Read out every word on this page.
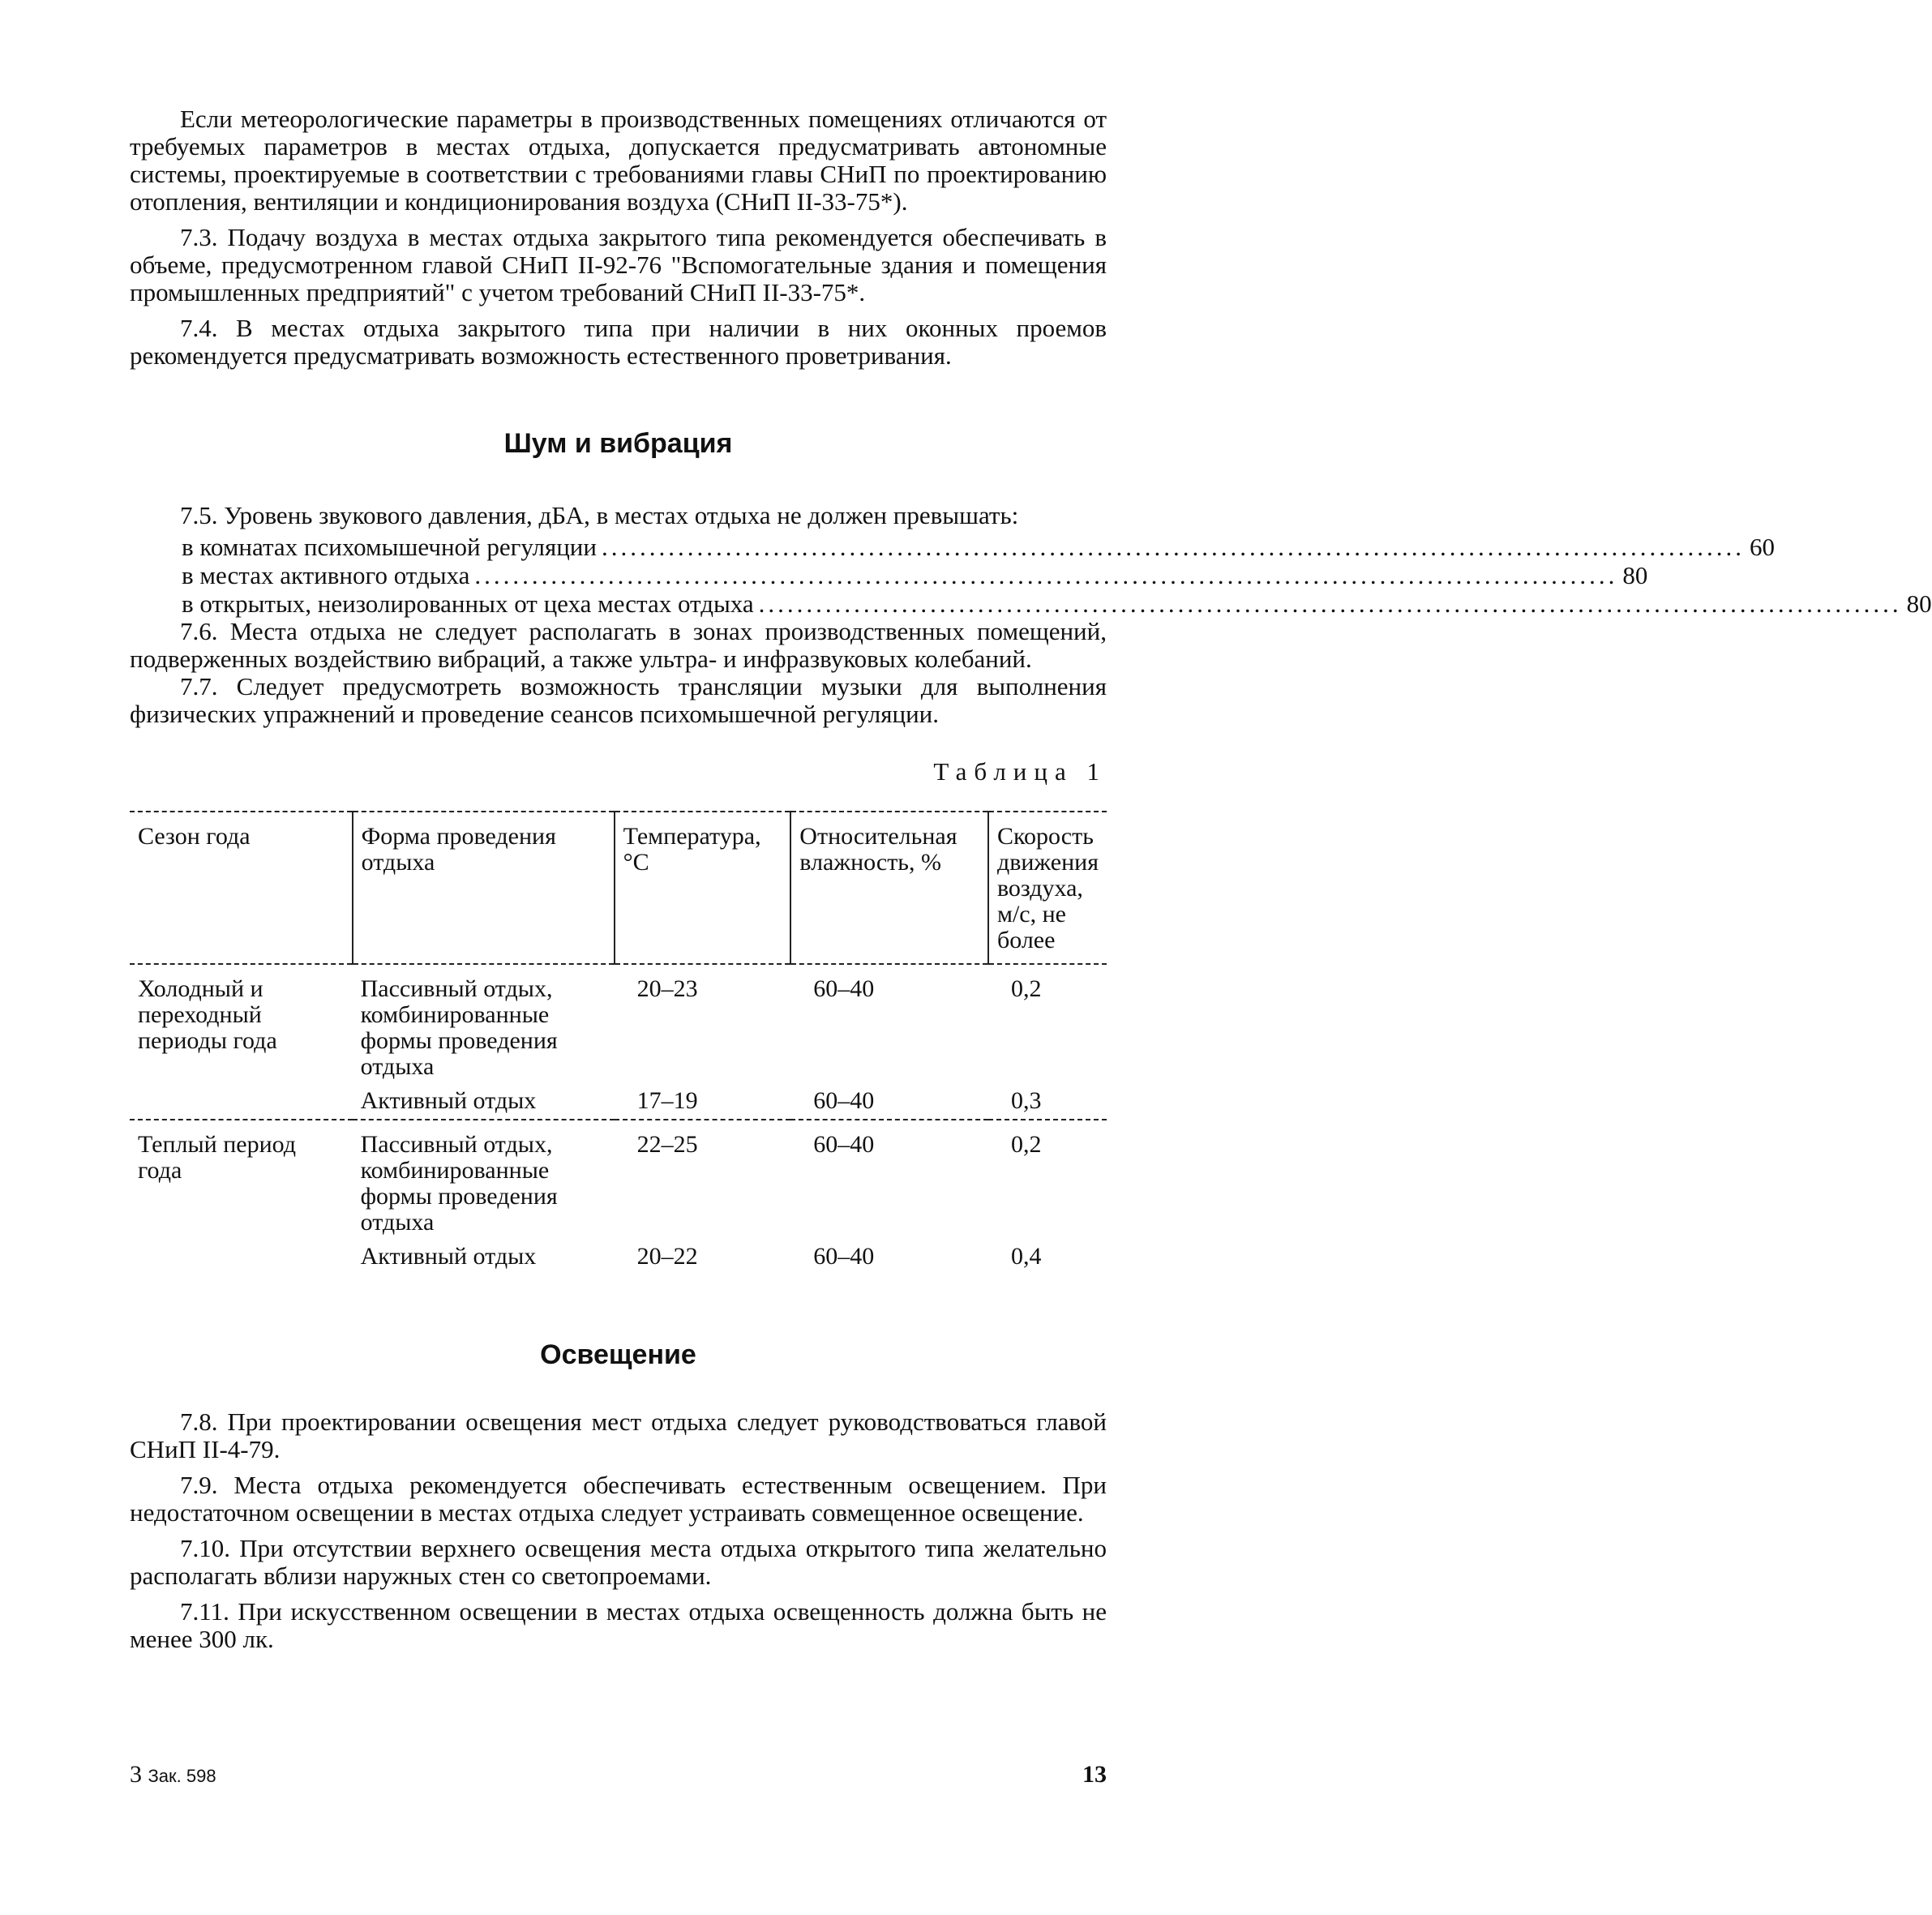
Если метеорологические параметры в производственных помещениях отличаются от требуемых параметров в местах отдыха, допускается предусматривать автономные системы, проектируемые в соответствии с требованиями главы СНиП по проектированию отопления, вентиляции и кондиционирования воздуха (СНиП II-33-75*).

7.3. Подачу воздуха в местах отдыха закрытого типа рекомендуется обеспечивать в объеме, предусмотренном главой СНиП II-92-76 "Вспомогательные здания и помещения промышленных предприятий" с учетом требований СНиП II-33-75*.

7.4. В местах отдыха закрытого типа при наличии в них оконных проемов рекомендуется предусматривать возможность естественного проветривания.

Шум и вибрация

7.5. Уровень звукового давления, дБА, в местах отдыха не должен превышать:

в комнатах психомышечной регуляции ........................................................................................................................ 60
в местах активного отдыха ........................................................................................................................ 80
в открытых, неизолированных от цеха местах отдыха ........................................................................................................................ 80

7.6. Места отдыха не следует располагать в зонах производственных помещений, подверженных воздействию вибраций, а также ультра- и инфразвуковых колебаний.

7.7. Следует предусмотреть возможность трансляции музыки для выполнения физических упражнений и проведение сеансов психомышечной регуляции.

Таблица 1
Сезон года	Форма проведения отдыха	Температура, °С	Относительная влажность, %	Скорость движения воздуха, м/с, не более
Холодный и переходный периоды года	Пассивный отдых, комбинированные формы проведения отдыха	20–23	60–40	0,2
	Активный отдых	17–19	60–40	0,3
Теплый период года	Пассивный отдых, комбинированные формы проведения отдыха	22–25	60–40	0,2
	Активный отдых	20–22	60–40	0,4
Освещение

7.8. При проектировании освещения мест отдыха следует руководствоваться главой СНиП II-4-79.

7.9. Места отдыха рекомендуется обеспечивать естественным освещением. При недостаточном освещении в местах отдыха следует устраивать совмещенное освещение.

7.10. При отсутствии верхнего освещения места отдыха открытого типа желательно располагать вблизи наружных стен со светопроемами.

7.11. При искусственном освещении в местах отдыха освещенность должна быть не менее 300 лк.

3 Зак. 598	13
